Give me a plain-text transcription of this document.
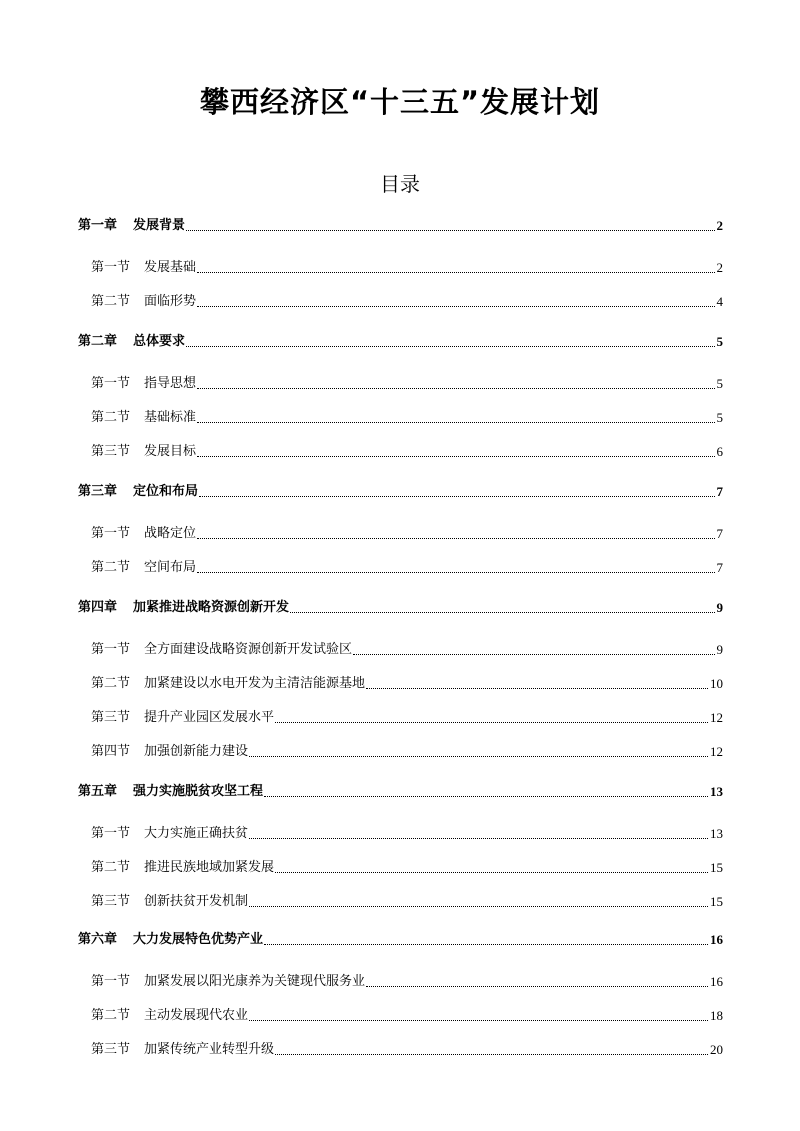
攀西经济区“十三五”发展计划
目录
第一章 发展背景	2
第一节 发展基础	2
第二节 面临形势	4
第二章 总体要求	5
第一节 指导思想	5
第二节 基础标准	5
第三节 发展目标	6
第三章 定位和布局	7
第一节 战略定位	7
第二节 空间布局	7
第四章 加紧推进战略资源创新开发	9
第一节 全方面建设战略资源创新开发试验区	9
第二节 加紧建设以水电开发为主清洁能源基地	10
第三节 提升产业园区发展水平	12
第四节 加强创新能力建设	12
第五章 强力实施脱贫攻坚工程	13
第一节 大力实施正确扶贫	13
第二节 推进民族地域加紧发展	15
第三节 创新扶贫开发机制	15
第六章 大力发展特色优势产业	16
第一节 加紧发展以阳光康养为关键现代服务业	16
第二节 主动发展现代农业	18
第三节 加紧传统产业转型升级	20
